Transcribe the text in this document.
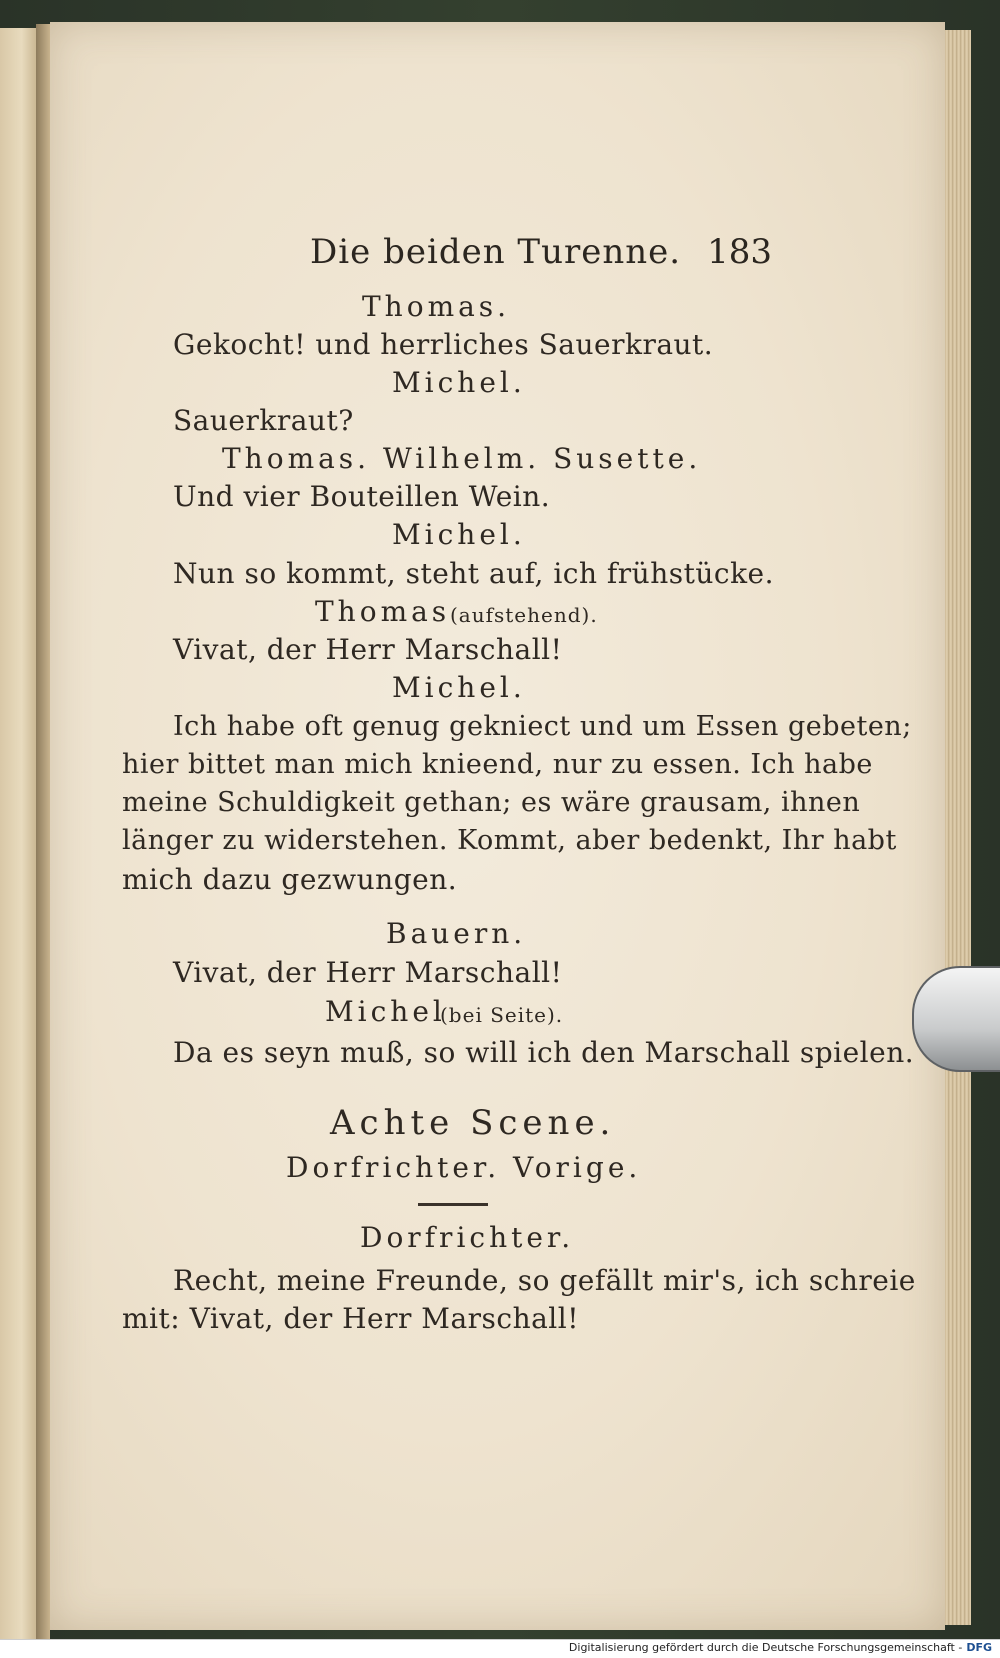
Die beiden Turenne. 183
Thomas.
Gekocht! und herrliches Sauerkraut.
Michel.
Sauerkraut?
Thomas. Wilhelm. Susette.
Und vier Bouteillen Wein.
Michel.
Nun so kommt, steht auf, ich frühstücke.
Thomas (aufstehend).
Vivat, der Herr Marschall!
Michel.
Ich habe oft genug gekniect und um Essen gebeten;
hier bittet man mich knieend, nur zu essen. Ich habe
meine Schuldigkeit gethan; es wäre grausam, ihnen
länger zu widerstehen. Kommt, aber bedenkt, Ihr habt
mich dazu gezwungen.
Bauern.
Vivat, der Herr Marschall!
Michel
(bei Seite).
Da es seyn muß, so will ich den Marschall spielen.
Achte Scene.
Dorfrichter. Vorige.
Dorfrichter.
Recht, meine Freunde, so gefällt mir's, ich schreie
mit: Vivat, der Herr Marschall!
Digitalisierung gefördert durch die Deutsche Forschungsgemeinschaft - DFG
